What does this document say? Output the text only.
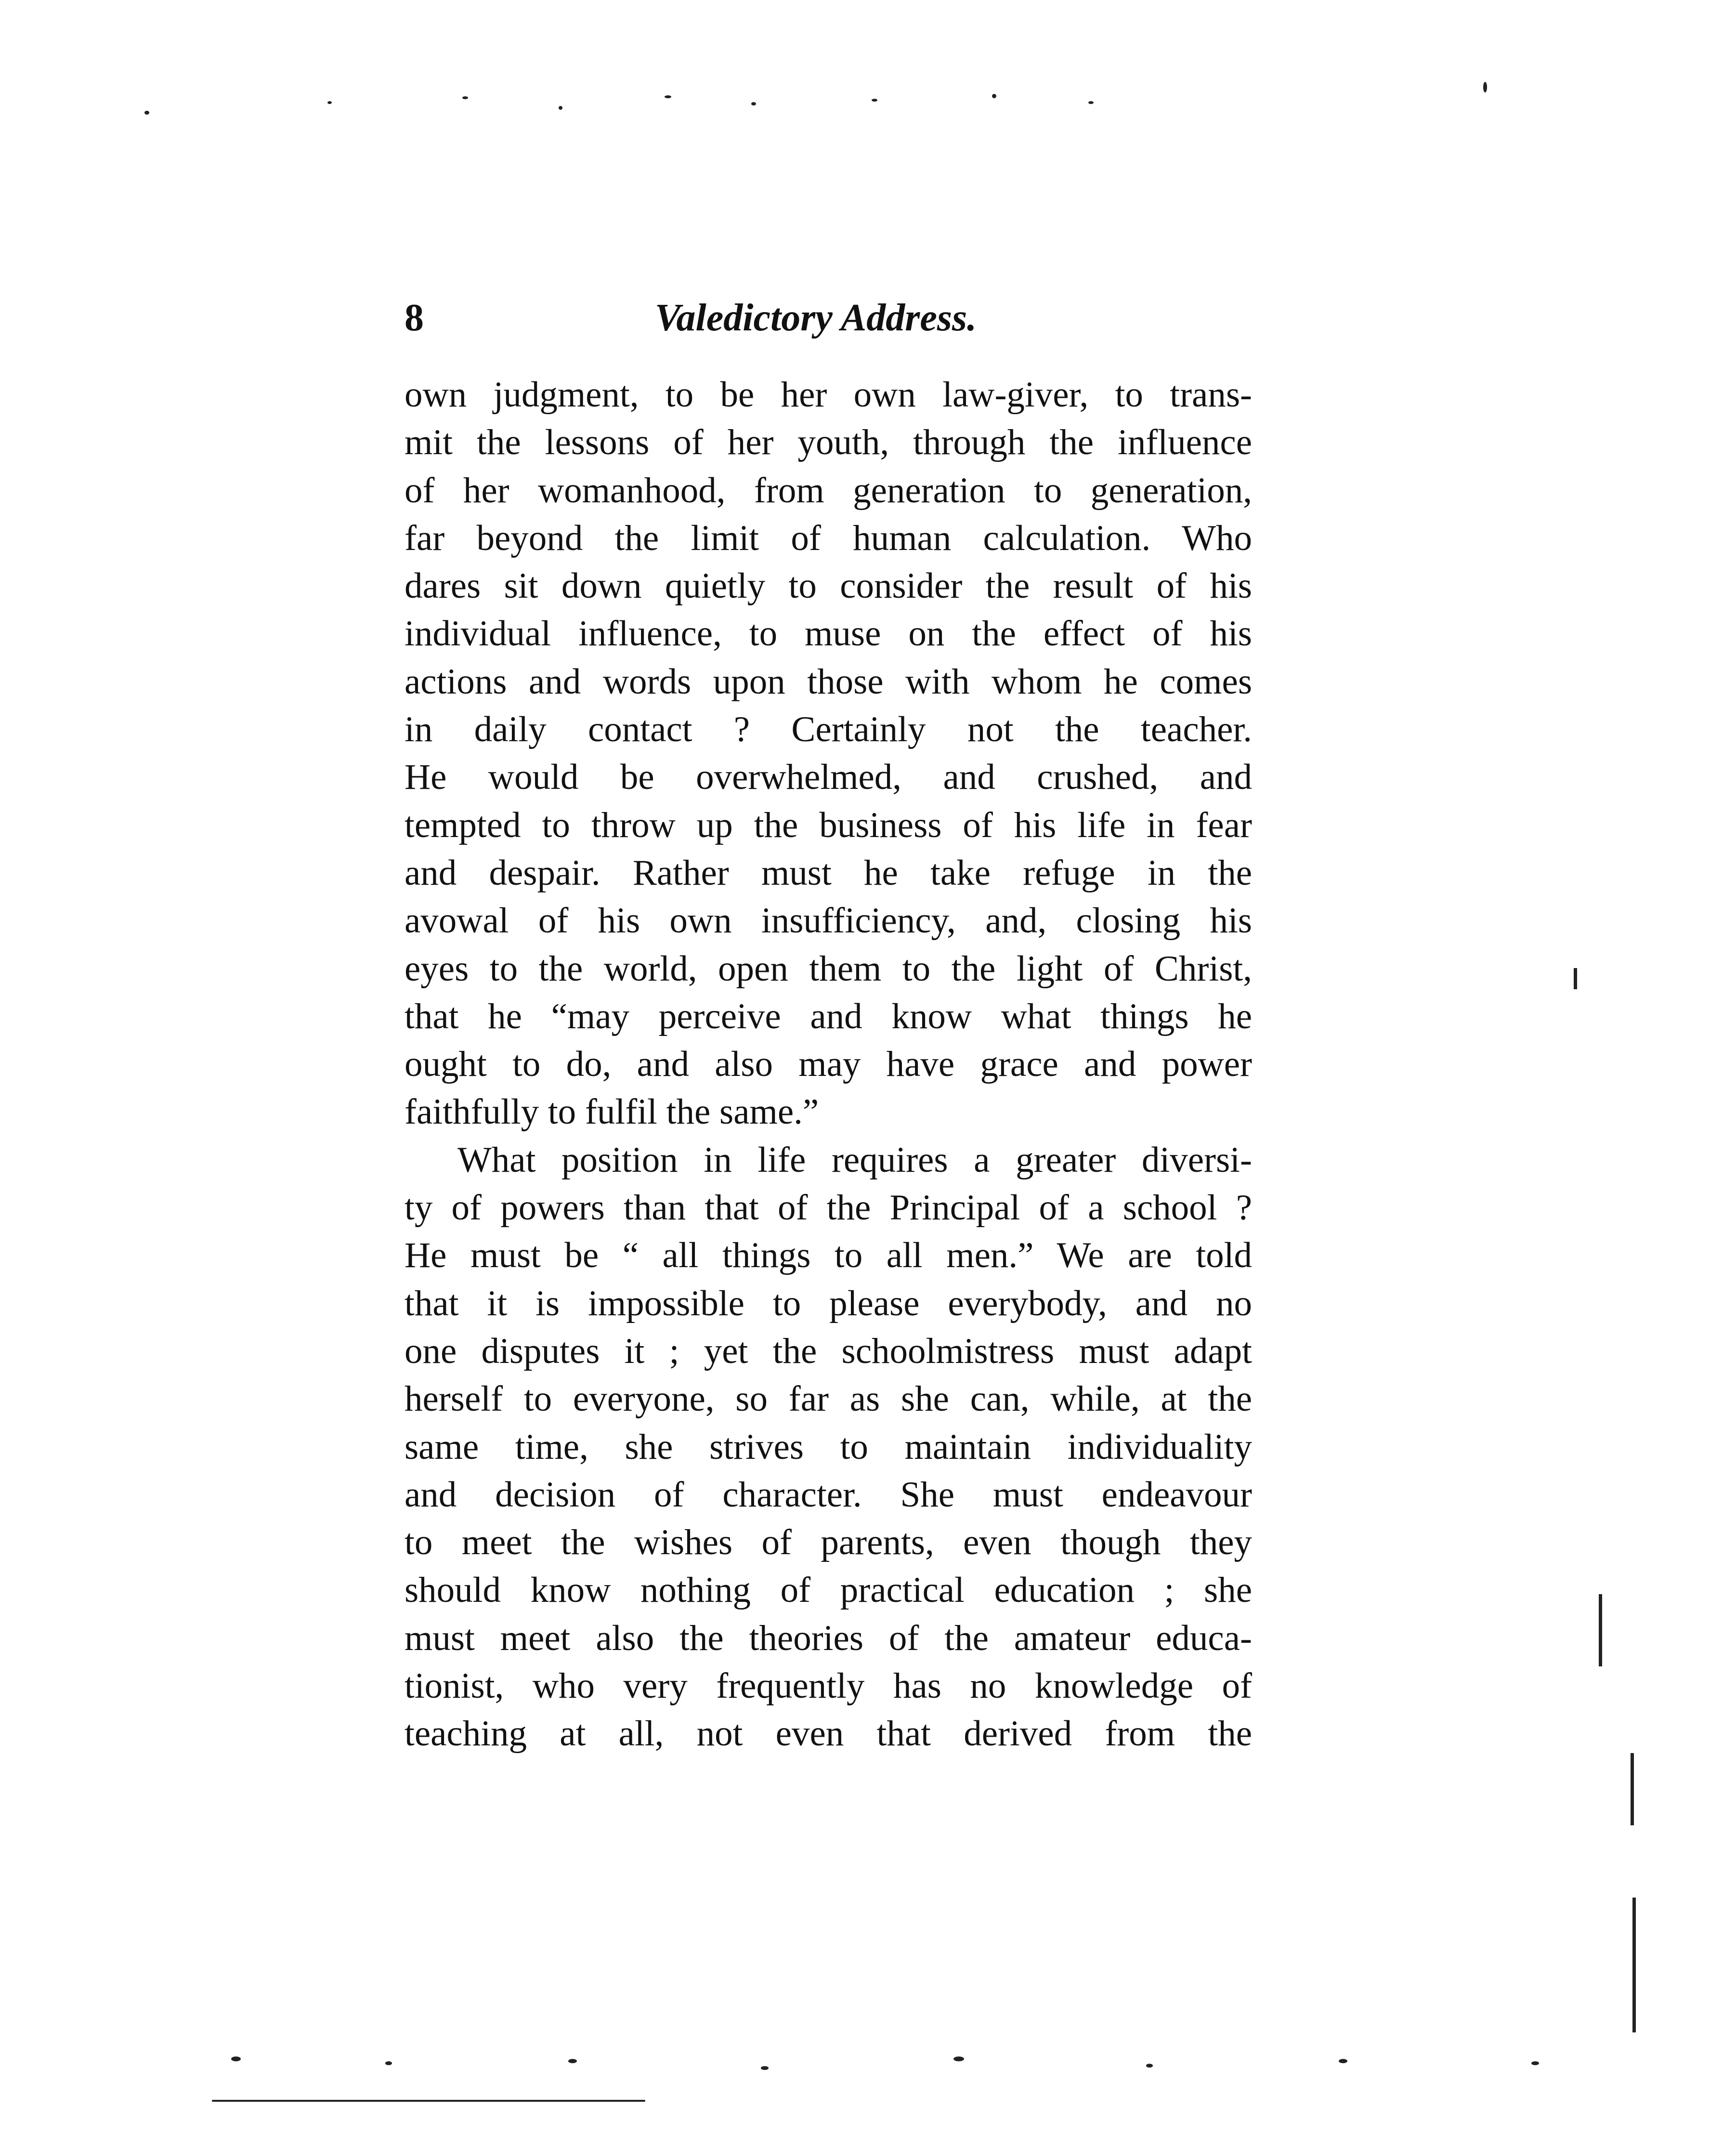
8	Valedictory Address.
own judgment, to be her own law-giver, to trans-
mit the lessons of her youth, through the influence
of her womanhood, from generation to generation,
far beyond the limit of human calculation. Who
dares sit down quietly to consider the result of his
individual influence, to muse on the effect of his
actions and words upon those with whom he comes
in daily contact ? Certainly not the teacher.
He would be overwhelmed, and crushed, and
tempted to throw up the business of his life in fear
and despair. Rather must he take refuge in the
avowal of his own insufficiency, and, closing his
eyes to the world, open them to the light of Christ,
that he “may perceive and know what things he
ought to do, and also may have grace and power
faithfully to fulfil the same.”
What position in life requires a greater diversi-
ty of powers than that of the Principal of a school ?
He must be “ all things to all men.” We are told
that it is impossible to please everybody, and no
one disputes it ; yet the schoolmistress must adapt
herself to everyone, so far as she can, while, at the
same time, she strives to maintain individuality
and decision of character. She must endeavour
to meet the wishes of parents, even though they
should know nothing of practical education ; she
must meet also the theories of the amateur educa-
tionist, who very frequently has no knowledge of
teaching at all, not even that derived from the
